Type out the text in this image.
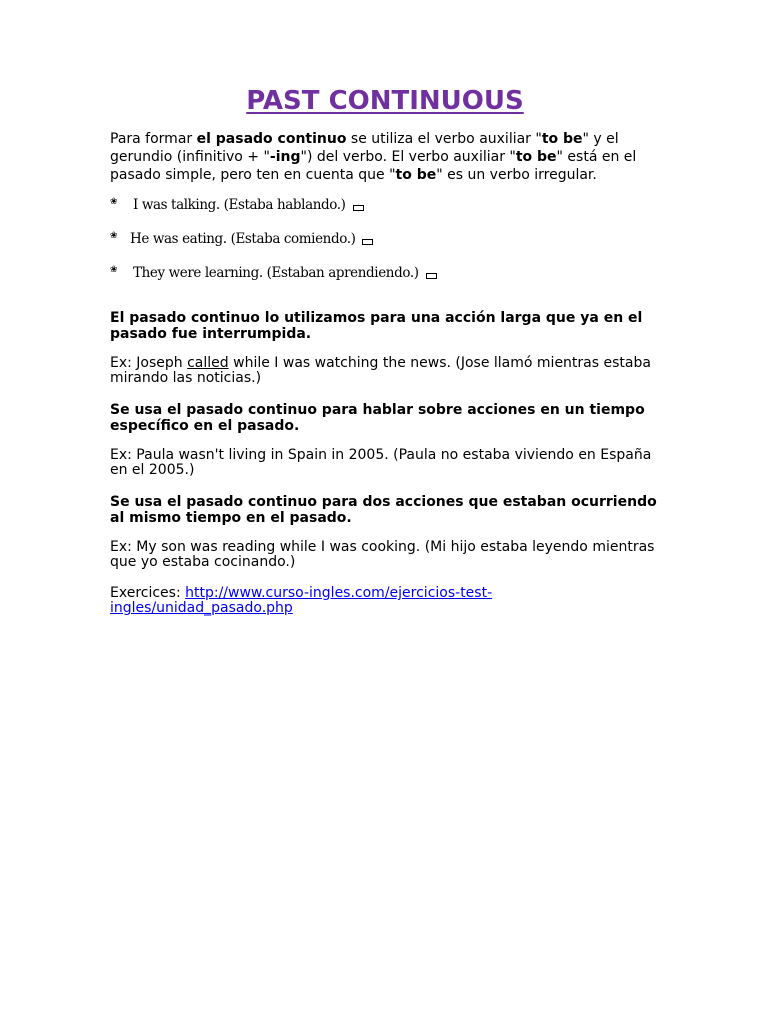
PAST CONTINUOUS

Para formar el pasado continuo se utiliza el verbo auxiliar "to be" y el gerundio (infinitivo + "-ing") del verbo. El verbo auxiliar "to be" está en el pasado simple, pero ten en cuenta que "to be" es un verbo irregular.

❀ I was talking. (Estaba hablando.)
❀ He was eating. (Estaba comiendo.)
❀ They were learning. (Estaban aprendiendo.)

El pasado continuo lo utilizamos para una acción larga que ya en el pasado fue interrumpida.

Ex: Joseph called while I was watching the news. (Jose llamó mientras estaba mirando las noticias.)

Se usa el pasado continuo para hablar sobre acciones en un tiempo específico en el pasado.

Ex: Paula wasn't living in Spain in 2005. (Paula no estaba viviendo en España en el 2005.)

Se usa el pasado continuo para dos acciones que estaban ocurriendo al mismo tiempo en el pasado.

Ex: My son was reading while I was cooking. (Mi hijo estaba leyendo mientras que yo estaba cocinando.)

Exercices: http://www.curso-ingles.com/ejercicios-test-ingles/unidad_pasado.php
